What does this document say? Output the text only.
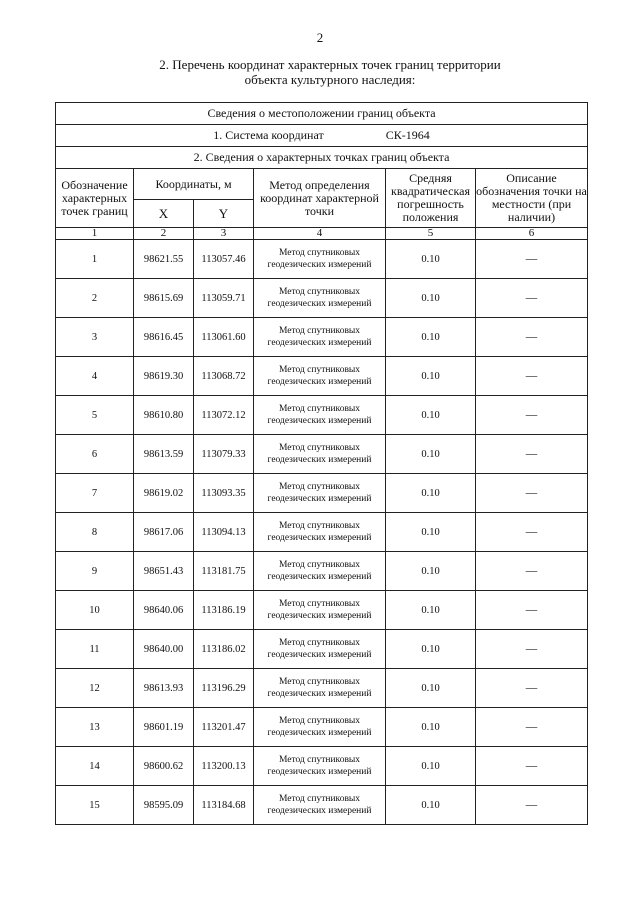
2
2. Перечень координат характерных точек границ территории
объекта культурного наследия:
Сведения о местоположении границ объекта					
1. Система координат СК-1964					
2. Сведения о характерных точках границ объекта					
Обозначение характерных точек границ	Координаты, м		Метод определения координат характерной точки	Средняя квадратическая погрешность положения	Описание обозначения точки на местности (при наличии)
	X	Y			
1	2	3	4	5	6
1	98621.55	113057.46	Метод спутниковых геодезических измерений	0.10	—
2	98615.69	113059.71	Метод спутниковых геодезических измерений	0.10	—
3	98616.45	113061.60	Метод спутниковых геодезических измерений	0.10	—
4	98619.30	113068.72	Метод спутниковых геодезических измерений	0.10	—
5	98610.80	113072.12	Метод спутниковых геодезических измерений	0.10	—
6	98613.59	113079.33	Метод спутниковых геодезических измерений	0.10	—
7	98619.02	113093.35	Метод спутниковых геодезических измерений	0.10	—
8	98617.06	113094.13	Метод спутниковых геодезических измерений	0.10	—
9	98651.43	113181.75	Метод спутниковых геодезических измерений	0.10	—
10	98640.06	113186.19	Метод спутниковых геодезических измерений	0.10	—
11	98640.00	113186.02	Метод спутниковых геодезических измерений	0.10	—
12	98613.93	113196.29	Метод спутниковых геодезических измерений	0.10	—
13	98601.19	113201.47	Метод спутниковых геодезических измерений	0.10	—
14	98600.62	113200.13	Метод спутниковых геодезических измерений	0.10	—
15	98595.09	113184.68	Метод спутниковых геодезических измерений	0.10	—
